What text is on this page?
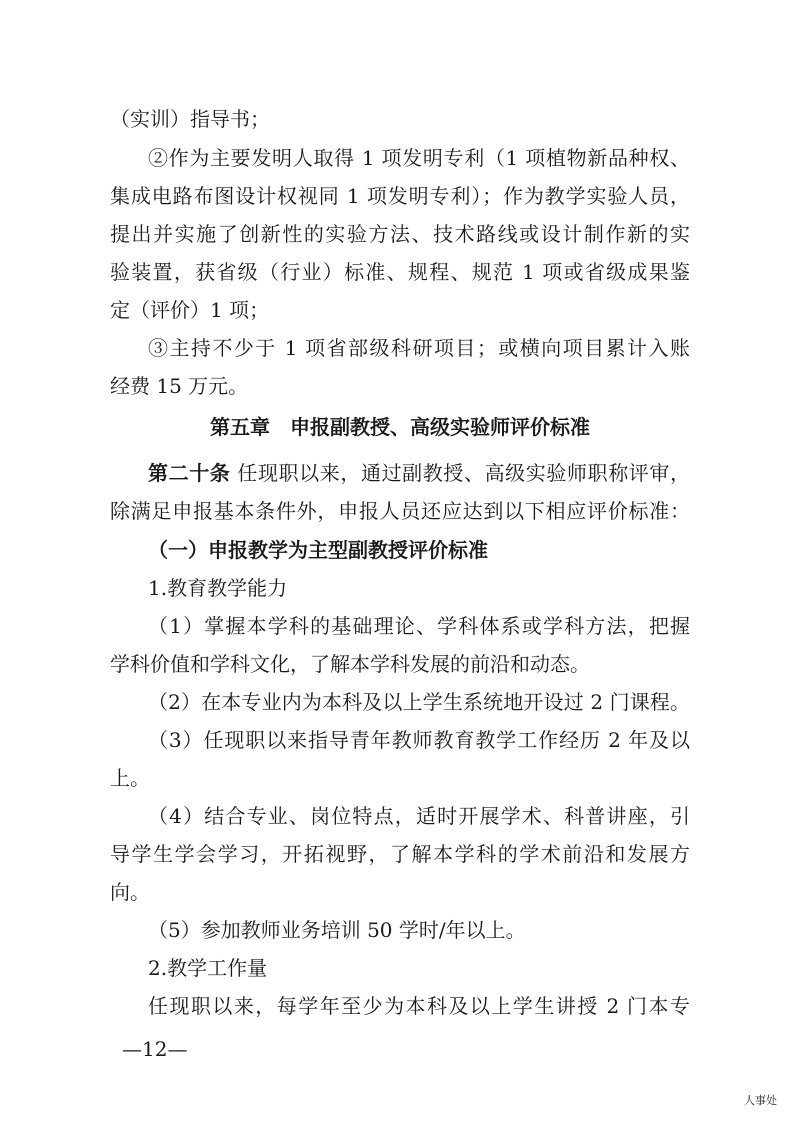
（实训）指导书；
②作为主要发明人取得 1 项发明专利（1 项植物新品种权、
集成电路布图设计权视同 1 项发明专利）；作为教学实验人员，
提出并实施了创新性的实验方法、技术路线或设计制作新的实
验装置，获省级（行业）标准、规程、规范 1 项或省级成果鉴
定（评价）1 项；
③主持不少于 1 项省部级科研项目；或横向项目累计入账
经费 15 万元。
第五章　申报副教授、高级实验师评价标准
第二十条 任现职以来，通过副教授、高级实验师职称评审，
除满足申报基本条件外，申报人员还应达到以下相应评价标准：
（一）申报教学为主型副教授评价标准
1.教育教学能力
（1）掌握本学科的基础理论、学科体系或学科方法，把握
学科价值和学科文化，了解本学科发展的前沿和动态。
（2）在本专业内为本科及以上学生系统地开设过 2 门课程。
（3）任现职以来指导青年教师教育教学工作经历 2 年及以
上。
（4）结合专业、岗位特点，适时开展学术、科普讲座，引
导学生学会学习，开拓视野，了解本学科的学术前沿和发展方
向。
（5）参加教师业务培训 50 学时/年以上。
2.教学工作量
任现职以来，每学年至少为本科及以上学生讲授 2 门本专
—12—
人事处
